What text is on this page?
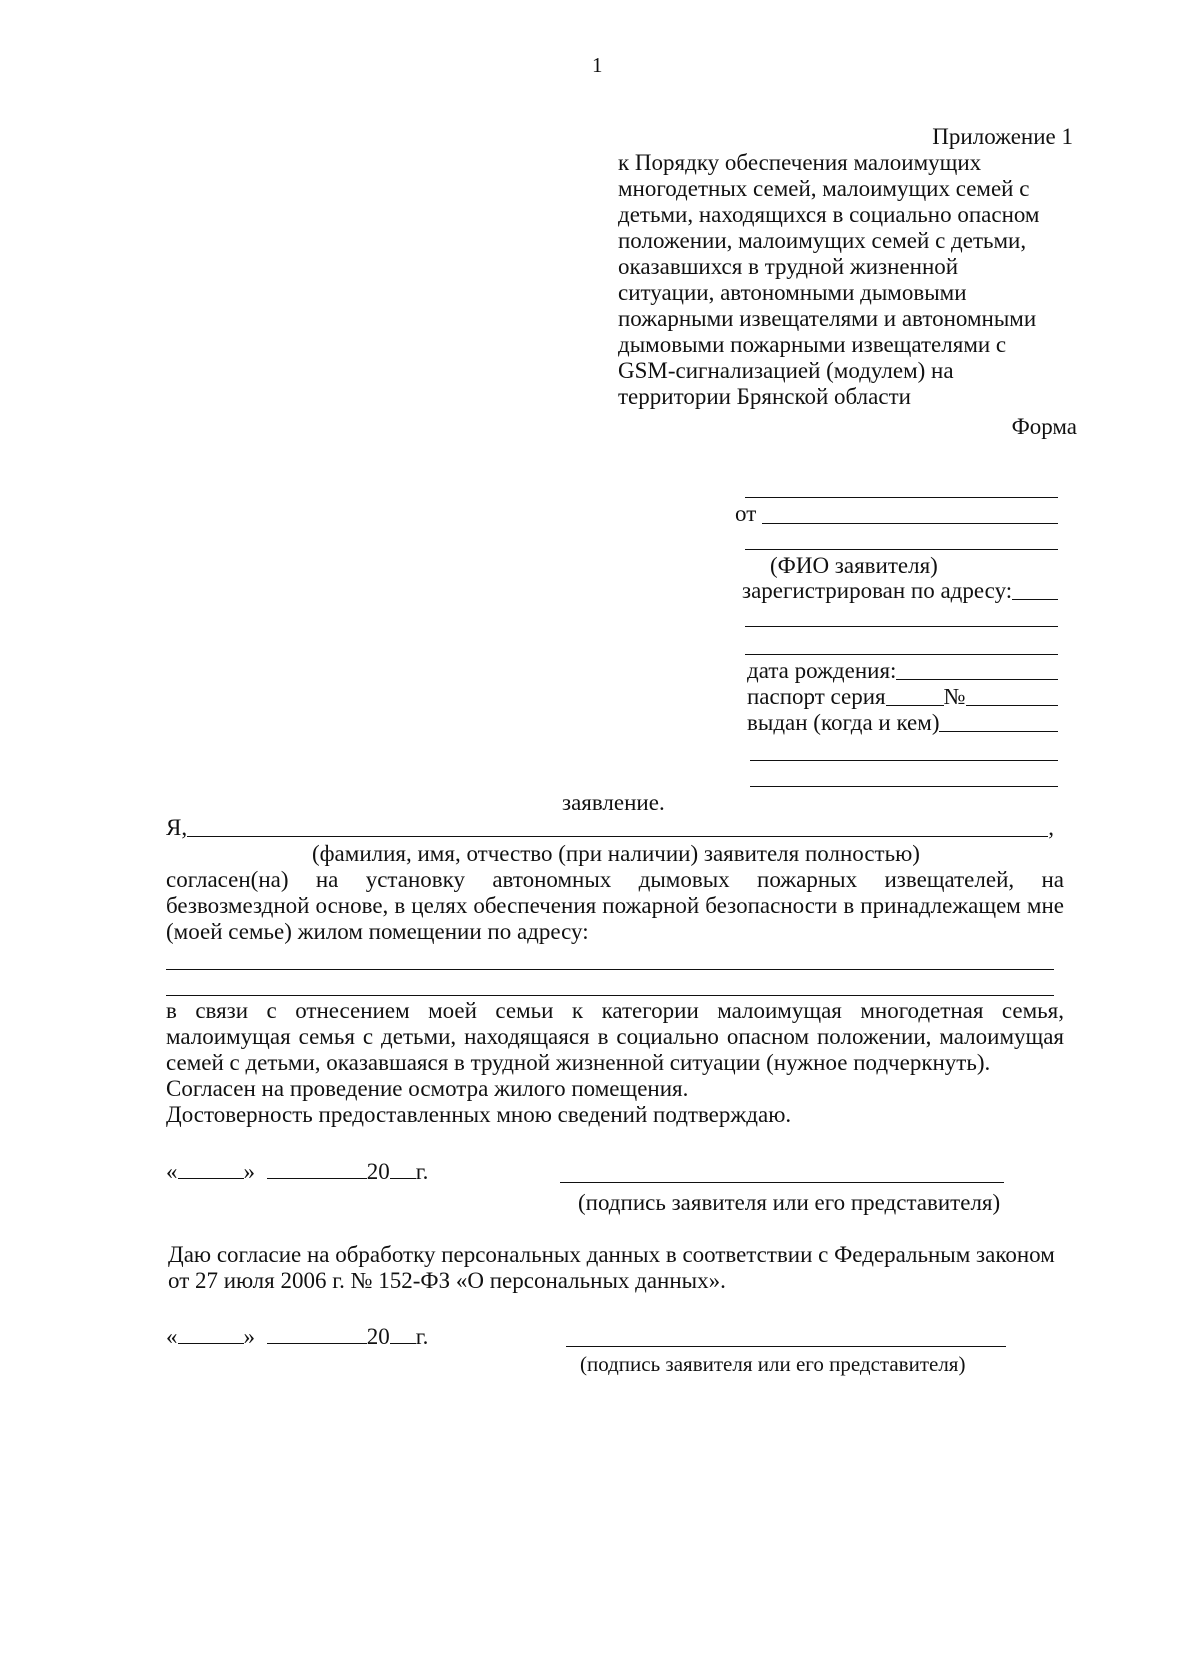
1
Приложение 1
к Порядку обеспечения малоимущих
многодетных семей, малоимущих семей с
детьми, находящихся в социально опасном
положении, малоимущих семей с детьми,
оказавшихся в трудной жизненной
ситуации, автономными дымовыми
пожарными извещателями и автономными
дымовыми пожарными извещателями с
GSM-сигнализацией (модулем) на
территории Брянской области
Форма
от
(ФИО заявителя)
зарегистрирован по адресу:
дата рождения:
паспорт серия	№
выдан (когда и кем)
заявление.
Я,	,
(фамилия, имя, отчество (при наличии) заявителя полностью)
согласен(на) на установку автономных дымовых пожарных извещателей, на
безвозмездной основе, в целях обеспечения пожарной безопасности в принадлежащем мне
(моей семье) жилом помещении по адресу:
в связи с отнесением моей семьи к категории малоимущая многодетная семья,
малоимущая семья с детьми, находящаяся в социально опасном положении, малоимущая
семей с детьми, оказавшаяся в трудной жизненной ситуации (нужное подчеркнуть).
Согласен на проведение осмотра жилого помещения.
Достоверность предоставленных мною сведений подтверждаю.
«	»	20 г.
(подпись заявителя или его представителя)
Даю согласие на обработку персональных данных в соответствии с Федеральным законом
от 27 июля 2006 г. № 152-ФЗ «О персональных данных».
«	»	20 г.
(подпись заявителя или его представителя)
